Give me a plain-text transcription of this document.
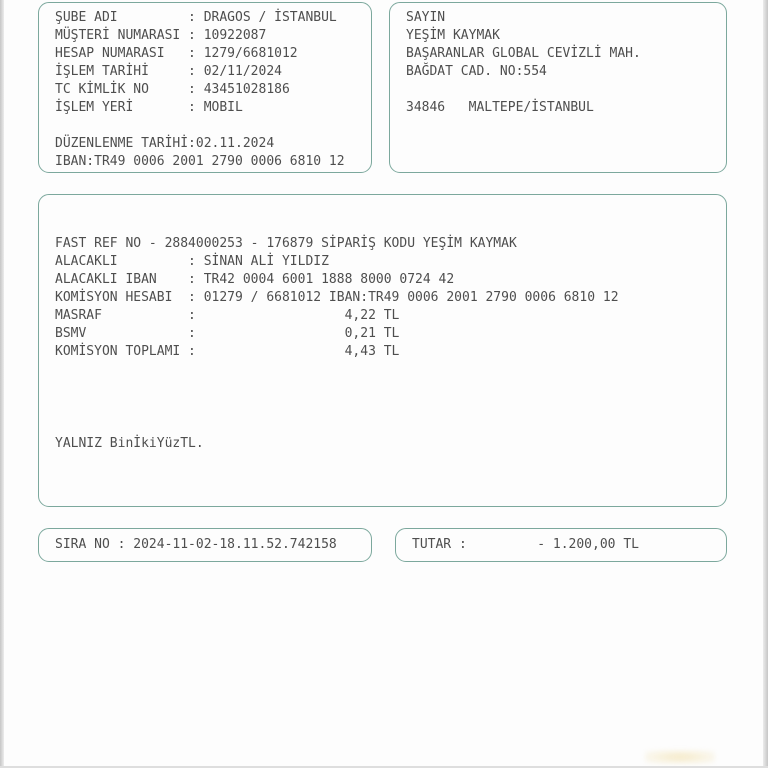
ŞUBE ADI         : DRAGOS / İSTANBUL
MÜŞTERİ NUMARASI : 10922087
HESAP NUMARASI   : 1279/6681012
İŞLEM TARİHİ     : 02/11/2024
TC KİMLİK NO     : 43451028186
İŞLEM YERİ       : MOBIL
DÜZENLENME TARİHİ:02.11.2024
IBAN:TR49 0006 2001 2790 0006 6810 12
SAYIN
YEŞİM KAYMAK
BAŞARANLAR GLOBAL CEVİZLİ MAH.
BAĞDAT CAD. NO:554
34846   MALTEPE/İSTANBUL
FAST REF NO - 2884000253 - 176879 SİPARİŞ KODU YEŞİM KAYMAK
ALACAKLI         : SİNAN ALİ YILDIZ
ALACAKLI IBAN    : TR42 0004 6001 1888 8000 0724 42
KOMİSYON HESABI  : 01279 / 6681012 IBAN:TR49 0006 2001 2790 0006 6810 12
MASRAF           :                   4,22 TL
BSMV             :                   0,21 TL
KOMİSYON TOPLAMI :                   4,43 TL
YALNIZ BinİkiYüzTL.
SIRA NO : 2024-11-02-18.11.52.742158	TUTAR :         - 1.200,00 TL
